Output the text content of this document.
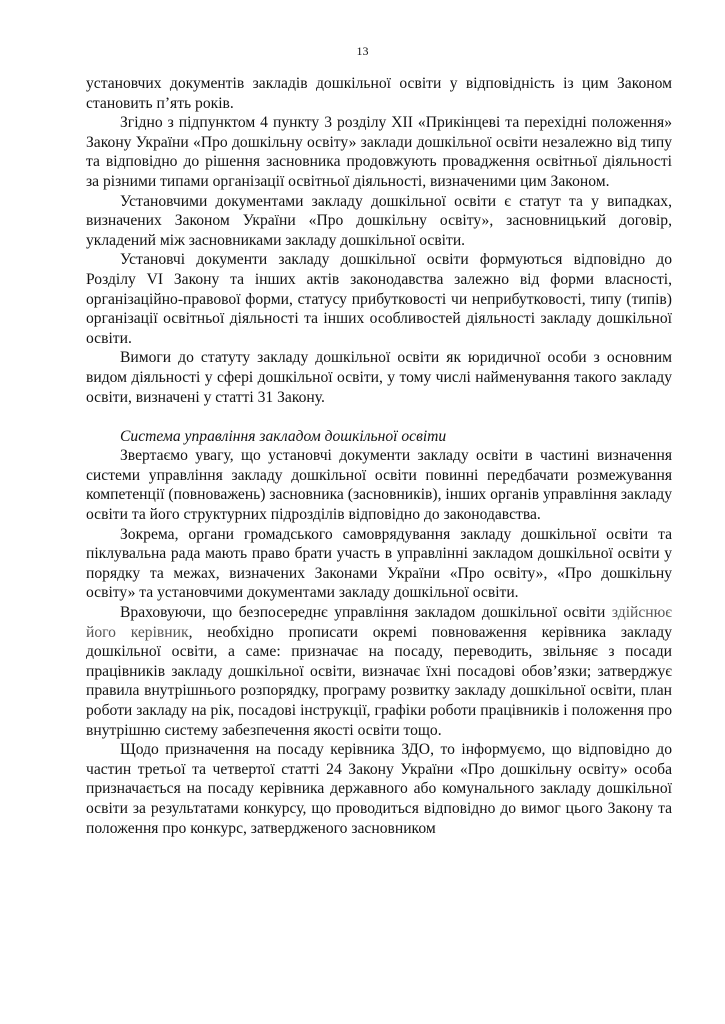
13

установчих документів закладів дошкільної освіти у відповідність із цим Законом становить п’ять років.

Згідно з підпунктом 4 пункту 3 розділу XII «Прикінцеві та перехідні положення» Закону України «Про дошкільну освіту» заклади дошкільної освіти незалежно від типу та відповідно до рішення засновника продовжують провадження освітньої діяльності за різними типами організації освітньої діяльності, визначеними цим Законом.

Установчими документами закладу дошкільної освіти є статут та у випадках, визначених Законом України «Про дошкільну освіту», засновницький договір, укладений між засновниками закладу дошкільної освіти.

Установчі документи закладу дошкільної освіти формуються відповідно до Розділу VI Закону та інших актів законодавства залежно від форми власності, організаційно-правової форми, статусу прибутковості чи неприбутковості, типу (типів) організації освітньої діяльності та інших особливостей діяльності закладу дошкільної освіти.

Вимоги до статуту закладу дошкільної освіти як юридичної особи з основним видом діяльності у сфері дошкільної освіти, у тому числі найменування такого закладу освіти, визначені у статті 31 Закону.

Система управління закладом дошкільної освіти

Звертаємо увагу, що установчі документи закладу освіти в частині визначення системи управління закладу дошкільної освіти повинні передбачати розмежування компетенції (повноважень) засновника (засновників), інших органів управління закладу освіти та його структурних підрозділів відповідно до законодавства.

Зокрема, органи громадського самоврядування закладу дошкільної освіти та піклувальна рада мають право брати участь в управлінні закладом дошкільної освіти у порядку та межах, визначених Законами України «Про освіту», «Про дошкільну освіту» та установчими документами закладу дошкільної освіти.

Враховуючи, що безпосереднє управління закладом дошкільної освіти здійснює його керівник, необхідно прописати окремі повноваження керівника закладу дошкільної освіти, а саме: призначає на посаду, переводить, звільняє з посади працівників закладу дошкільної освіти, визначає їхні посадові обов’язки; затверджує правила внутрішнього розпорядку, програму розвитку закладу дошкільної освіти, план роботи закладу на рік, посадові інструкції, графіки роботи працівників і положення про внутрішню систему забезпечення якості освіти тощо.

Щодо призначення на посаду керівника ЗДО, то інформуємо, що відповідно до частин третьої та четвертої статті 24 Закону України «Про дошкільну освіту» особа призначається на посаду керівника державного або комунального закладу дошкільної освіти за результатами конкурсу, що проводиться відповідно до вимог цього Закону та положення про конкурс, затвердженого засновником
